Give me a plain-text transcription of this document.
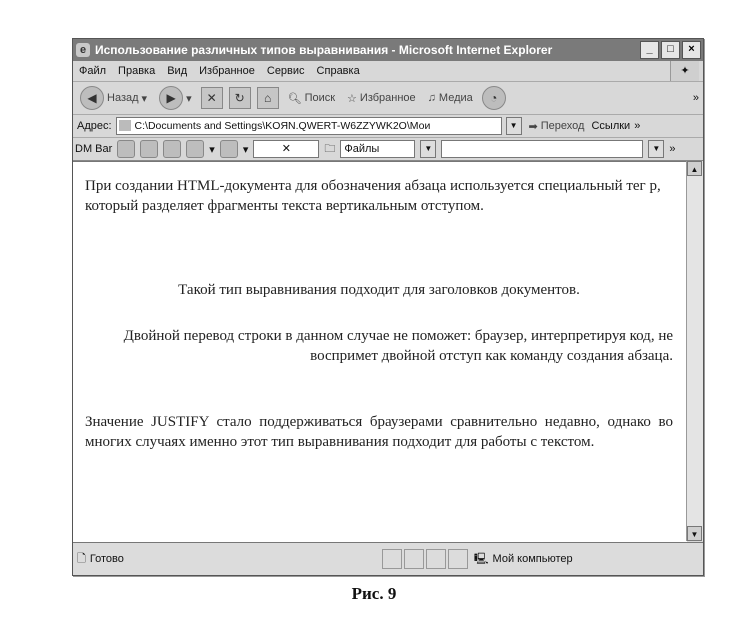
e Использование различных типов выравнивания - Microsoft Internet Explorer	_	□	×
Файл Правка Вид Избранное Сервис Справка	✦
◀ Назад ▾	▶ ▾	✕	↻	⌂	🔍︎ Поиск ☆ Избранное ♫ Медиа	◔	»
Адрес:	C:\Documents and Settings\KOЯN.QWERT-W6ZZYWK2O\Мои	▼	➡ Переход Ссылки »
DM Bar	▾	▾	✕	🗀 Файлы	▼	▼ »

При создании HTML-документа для обозначения абзаца используется специальный тег p, который разделяет фрагменты текста вертикальным отступом.

Такой тип выравнивания подходит для заголовков документов.

Двойной перевод строки в данном случае не поможет: браузер, интерпретируя код, не воспримет двойной отступ как команду создания абзаца.

Значение JUSTIFY стало поддерживаться браузерами сравнительно недавно, однако во многих случаях именно этот тип выравнивания подходит для работы с текстом.

▲
▼
🗋 Готово	🖳 Мой компьютер
Рис. 9
